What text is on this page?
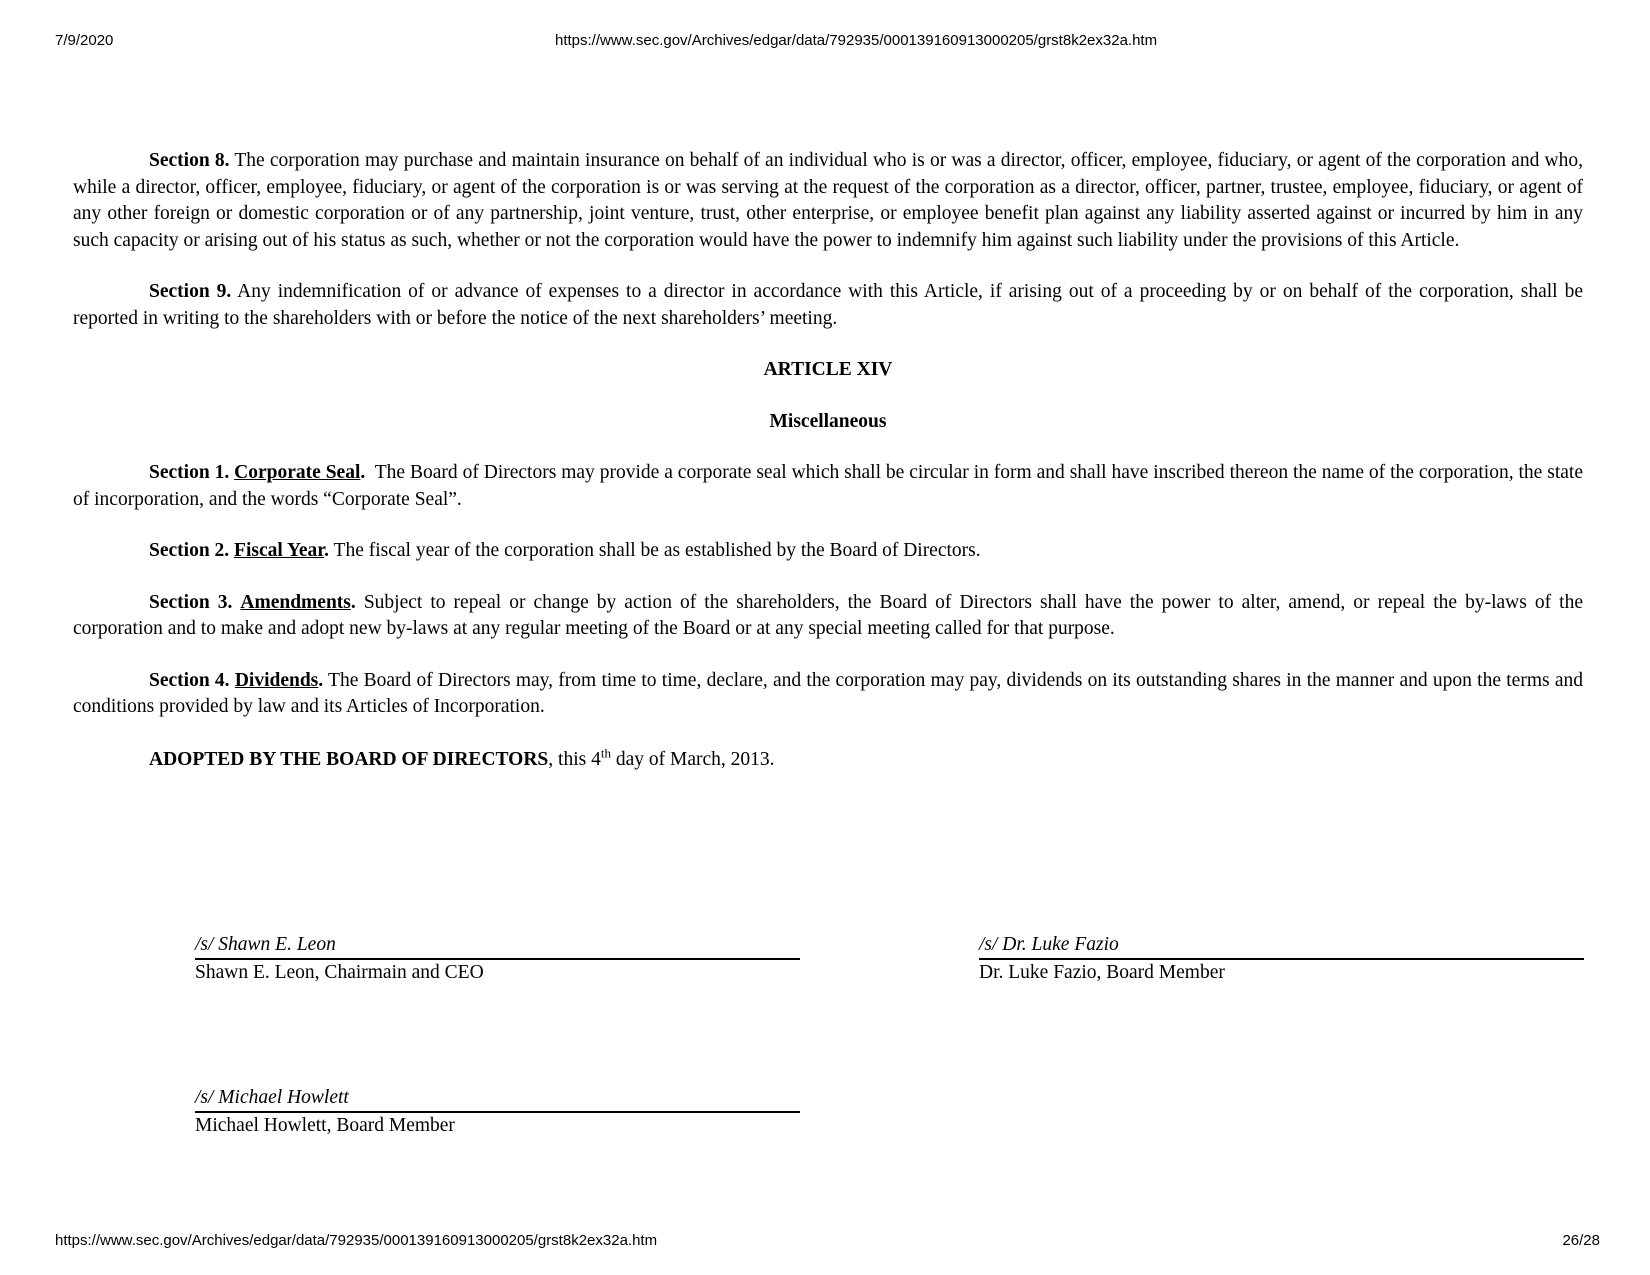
7/9/2020	https://www.sec.gov/Archives/edgar/data/792935/000139160913000205/grst8k2ex32a.htm

Section 8. The corporation may purchase and maintain insurance on behalf of an individual who is or was a director, officer, employee, fiduciary, or agent of the corporation and who, while a director, officer, employee, fiduciary, or agent of the corporation is or was serving at the request of the corporation as a director, officer, partner, trustee, employee, fiduciary, or agent of any other foreign or domestic corporation or of any partnership, joint venture, trust, other enterprise, or employee benefit plan against any liability asserted against or incurred by him in any such capacity or arising out of his status as such, whether or not the corporation would have the power to indemnify him against such liability under the provisions of this Article.

Section 9. Any indemnification of or advance of expenses to a director in accordance with this Article, if arising out of a proceeding by or on behalf of the corporation, shall be reported in writing to the shareholders with or before the notice of the next shareholders’ meeting.

ARTICLE XIV
Miscellaneous

Section 1. Corporate Seal. The Board of Directors may provide a corporate seal which shall be circular in form and shall have inscribed thereon the name of the corporation, the state of incorporation, and the words “Corporate Seal”.

Section 2. Fiscal Year. The fiscal year of the corporation shall be as established by the Board of Directors.

Section 3. Amendments. Subject to repeal or change by action of the shareholders, the Board of Directors shall have the power to alter, amend, or repeal the by-laws of the corporation and to make and adopt new by-laws at any regular meeting of the Board or at any special meeting called for that purpose.

Section 4. Dividends. The Board of Directors may, from time to time, declare, and the corporation may pay, dividends on its outstanding shares in the manner and upon the terms and conditions provided by law and its Articles of Incorporation.

ADOPTED BY THE BOARD OF DIRECTORS, this 4th day of March, 2013.

/s/ Shawn E. Leon
Shawn E. Leon, Chairmain and CEO
/s/ Dr. Luke Fazio
Dr. Luke Fazio, Board Member
/s/ Michael Howlett
Michael Howlett, Board Member
https://www.sec.gov/Archives/edgar/data/792935/000139160913000205/grst8k2ex32a.htm	26/28
